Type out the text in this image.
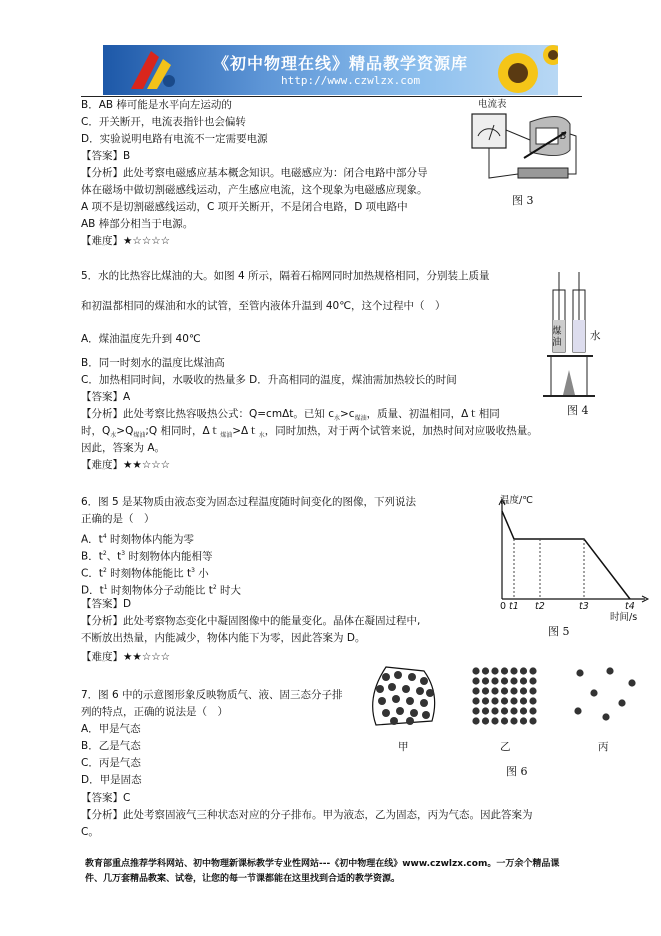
《初中物理在线》精品教学资源库
http://www.czwlzx.com
B．AB 棒可能是水平向左运动的
C．开关断开，电流表指针也会偏转
D．实验说明电路有电流不一定需要电源
【答案】B
【分析】此处考察电磁感应基本概念知识。电磁感应为：闭合电路中部分导
体在磁场中做切割磁感线运动，产生感应电流，这个现象为电磁感应现象。
A 项不是切割磁感线运动，C 项开关断开，不是闭合电路，D 项电路中
AB 棒部分相当于电源。
【难度】★☆☆☆☆
电流表
B
图 3
5．水的比热容比煤油的大。如图 4 所示，隔着石棉网同时加热规格相同，分别装上质量
和初温都相同的煤油和水的试管，至管内液体升温到 40℃，这个过程中（　）
A．煤油温度先升到 40℃
B．同一时刻水的温度比煤油高
C．加热相同时间，水吸收的热量多 D．升高相同的温度，煤油需加热较长的时间
【答案】A
【分析】此处考察比热容吸热公式：Q=cmΔt。已知 $c_水>c_{煤油}$，质量、初温相同，Δｔ相同
时，$Q_水>Q_{煤油};Q$ 相同时，Δｔ$_{煤油}$>Δｔ$_水$，同时加热，对于两个试管来说，加热时间对应吸收热量。
因此，答案为 A。
【难度】★★☆☆☆
煤油
水
图 4
6．图 5 是某物质由液态变为固态过程温度随时间变化的图像，下列说法
正确的是（　）
A．$t^4$ 时刻物体内能为零
B．$t^2$、$t^3$ 时刻物体内能相等
C．$t^2$ 时刻物体能能比 $t^3$ 小
D．$t^1$ 时刻物体分子动能比 $t^2$ 时大
【答案】D
【分析】此处考察物态变化中凝固图像中的能量变化。晶体在凝固过程中,
不断放出热量，内能减少，物体内能下为零，因此答案为 D。
【难度】★★☆☆☆
温度/℃
0 t1 t2	t3	t4
时间/s
图 5
7．图 6 中的示意图形象反映物质气、液、固三态分子排
列的特点，正确的说法是（　）
A．甲是气态
B．乙是气态
C．丙是气态
D．甲是固态
【答案】C
【分析】此处考察固液气三种状态对应的分子排布。甲为液态，乙为固态，丙为气态。因此答案为
C。
甲	乙	丙
图 6
教育部重点推荐学科网站、初中物理新课标教学专业性网站---《初中物理在线》www.czwlzx.com。一万余个精品课
件、几万套精品教案、试卷，让您的每一节课都能在这里找到合适的教学资源。
